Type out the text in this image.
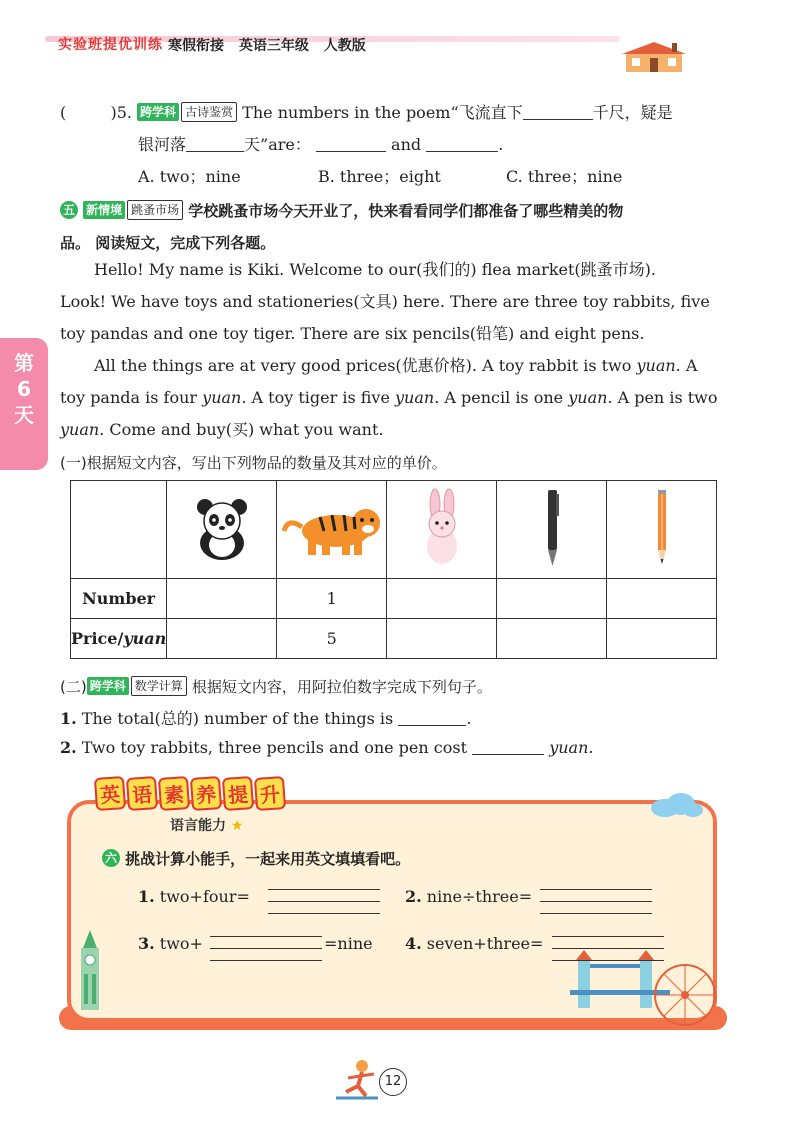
实验班提优训练 寒假衔接 英语三年级 人教版
(	)5. 跨学科 古诗鉴赏 The numbers in the poem“飞流直下	千尺，疑是
银河落	天”are：	and	.
A. two；nine	B. three；eight	C. three；nine
五 新情境 跳蚤市场 学校跳蚤市场今天开业了，快来看看同学们都准备了哪些精美的物
品。 阅读短文，完成下列各题。
Hello! My name is Kiki. Welcome to our(我们的) flea market(跳蚤市场).
Look! We have toys and stationeries(文具) here. There are three toy rabbits, five
toy pandas and one toy tiger. There are six pencils(铅笔) and eight pens.
All the things are at very good prices(优惠价格). A toy rabbit is two yuan. A
toy panda is four yuan. A toy tiger is five yuan. A pencil is one yuan. A pen is two
yuan. Come and buy(买) what you want.
第
6
天
(一)根据短文内容，写出下列物品的数量及其对应的单价。

Number		1			
Price/yuan		5			
(二) 跨学科 数学计算 根据短文内容，用阿拉伯数字完成下列句子。
1. The total(总的) number of the things is	.
2. Two toy rabbits, three pencils and one pen cost	yuan.
英 语 素 养 提 升
语言能力 ★
六 挑战计算小能手，一起来用英文填填看吧。
1. two+four=	2. nine÷three=
3. two+	=nine 4. seven+three=
12
